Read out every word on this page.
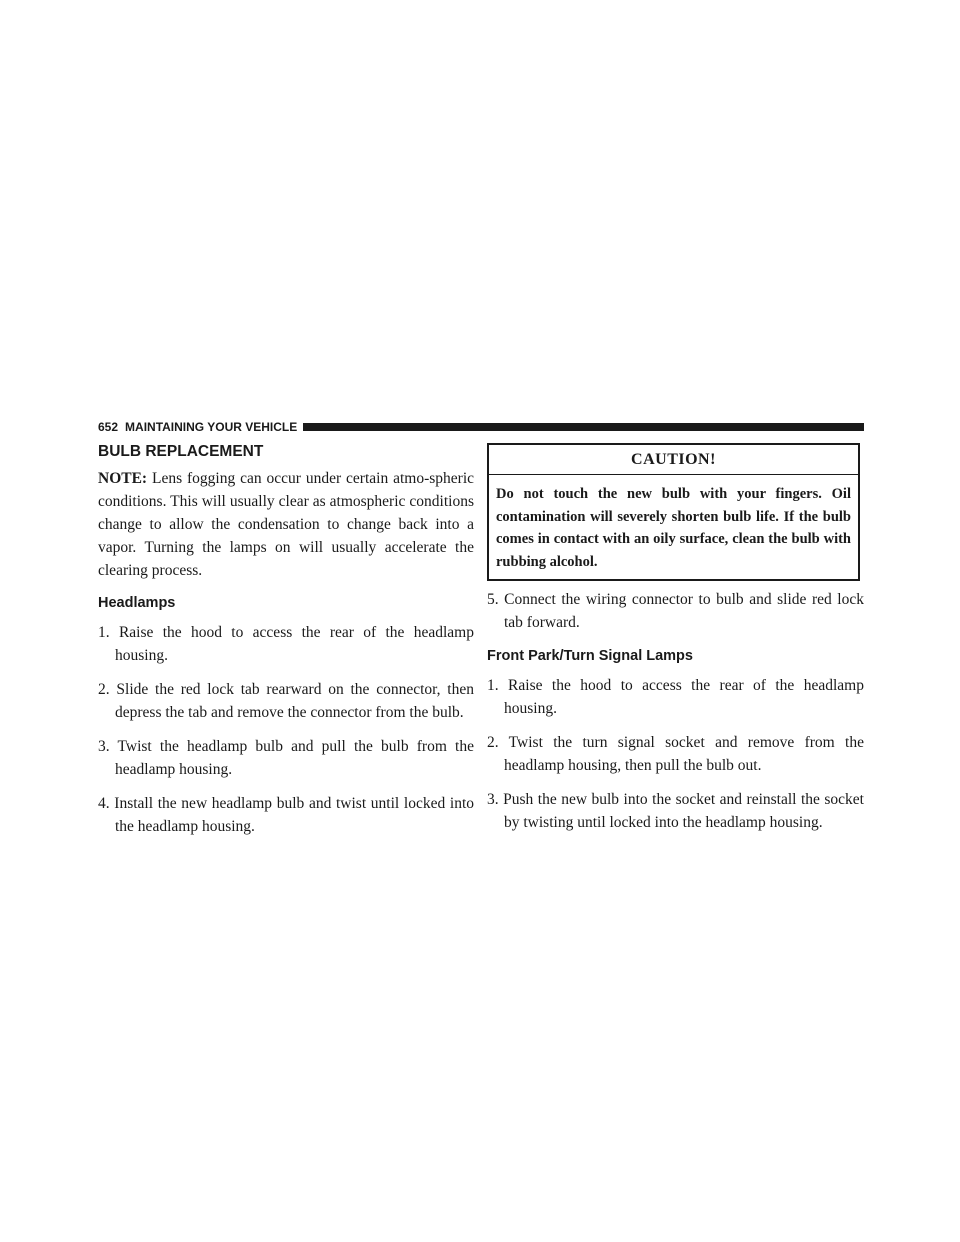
652 MAINTAINING YOUR VEHICLE
BULB REPLACEMENT

NOTE: Lens fogging can occur under certain atmo-spheric conditions. This will usually clear as atmospheric conditions change to allow the condensation to change back into a vapor. Turning the lamps on will usually accelerate the clearing process.

Headlamps
1. Raise the hood to access the rear of the headlamp housing.
2. Slide the red lock tab rearward on the connector, then depress the tab and remove the connector from the bulb.
3. Twist the headlamp bulb and pull the bulb from the headlamp housing.
4. Install the new headlamp bulb and twist until locked into the headlamp housing.
CAUTION!
Do not touch the new bulb with your fingers. Oil contamination will severely shorten bulb life. If the bulb comes in contact with an oily surface, clean the bulb with rubbing alcohol.
5. Connect the wiring connector to bulb and slide red lock tab forward.
Front Park/Turn Signal Lamps
1. Raise the hood to access the rear of the headlamp housing.
2. Twist the turn signal socket and remove from the headlamp housing, then pull the bulb out.
3. Push the new bulb into the socket and reinstall the socket by twisting until locked into the headlamp housing.
